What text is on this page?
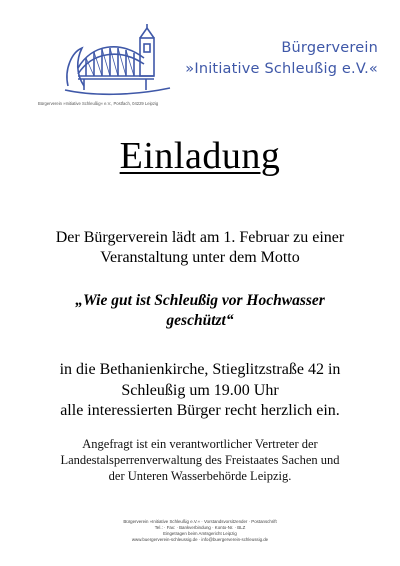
Bürgerverein
»Initiative Schleußig e.V.«
Bürgerverein »Initiative Schleußig« e.V., Postfach, 04229 Leipzig
Einladung
Der Bürgerverein lädt am 1. Februar zu einer
Veranstaltung unter dem Motto
„Wie gut ist Schleußig vor Hochwasser
geschützt“
in die Bethanienkirche, Stieglitzstraße 42 in
Schleußig um 19.00 Uhr
alle interessierten Bürger recht herzlich ein.
Angefragt ist ein verantwortlicher Vertreter der
Landestalsperrenverwaltung des Freistaates Sachen und
der Unteren Wasserbehörde Leipzig.
Bürgerverein »Initiative Schleußig e.V.« · Vorstandsvorsitzender · Postanschrift
Tel.: · Fax: · Bankverbindung · Konto-Nr. · BLZ
Eingetragen beim Amtsgericht Leipzig
www.buergerverein-schleussig.de · info@buergerverein-schleussig.de
